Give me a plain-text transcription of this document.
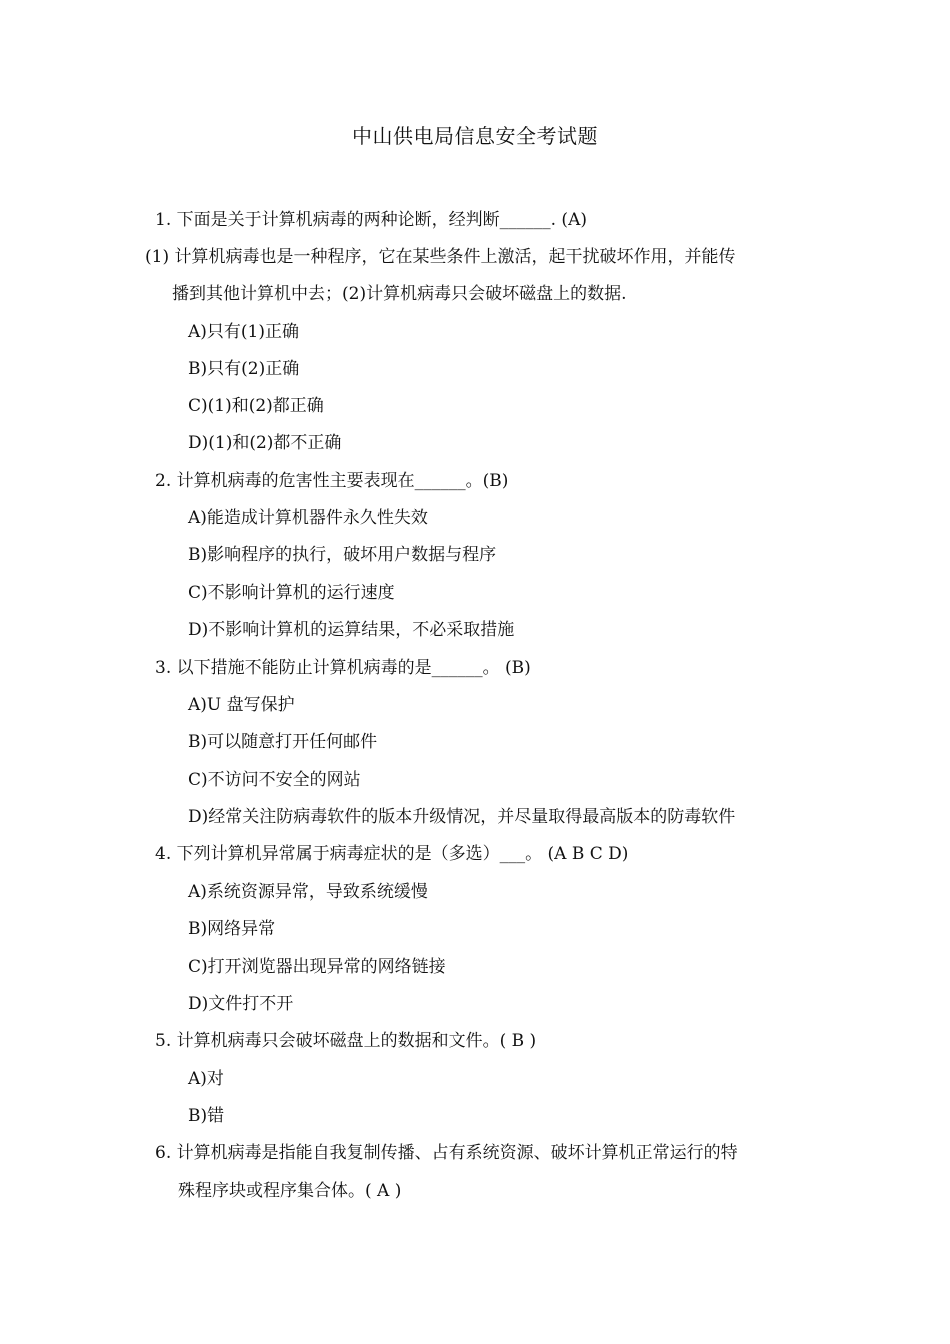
中山供电局信息安全考试题
1. 下面是关于计算机病毒的两种论断，经判断______. (A)
(1) 计算机病毒也是一种程序，它在某些条件上激活，起干扰破坏作用，并能传
播到其他计算机中去；(2)计算机病毒只会破坏磁盘上的数据.
A)只有(1)正确
B)只有(2)正确
C)(1)和(2)都正确
D)(1)和(2)都不正确
2. 计算机病毒的危害性主要表现在______。(B)
A)能造成计算机器件永久性失效
B)影响程序的执行，破坏用户数据与程序
C)不影响计算机的运行速度
D)不影响计算机的运算结果，不必采取措施
3. 以下措施不能防止计算机病毒的是______。 (B)
A)U 盘写保护
B)可以随意打开任何邮件
C)不访问不安全的网站
D)经常关注防病毒软件的版本升级情况，并尽量取得最高版本的防毒软件
4. 下列计算机异常属于病毒症状的是（多选）___。 (A B C D)
A)系统资源异常，导致系统缓慢
B)网络异常
C)打开浏览器出现异常的网络链接
D)文件打不开
5. 计算机病毒只会破坏磁盘上的数据和文件。( B )
A)对
B)错
6. 计算机病毒是指能自我复制传播、占有系统资源、破坏计算机正常运行的特
殊程序块或程序集合体。( A )
